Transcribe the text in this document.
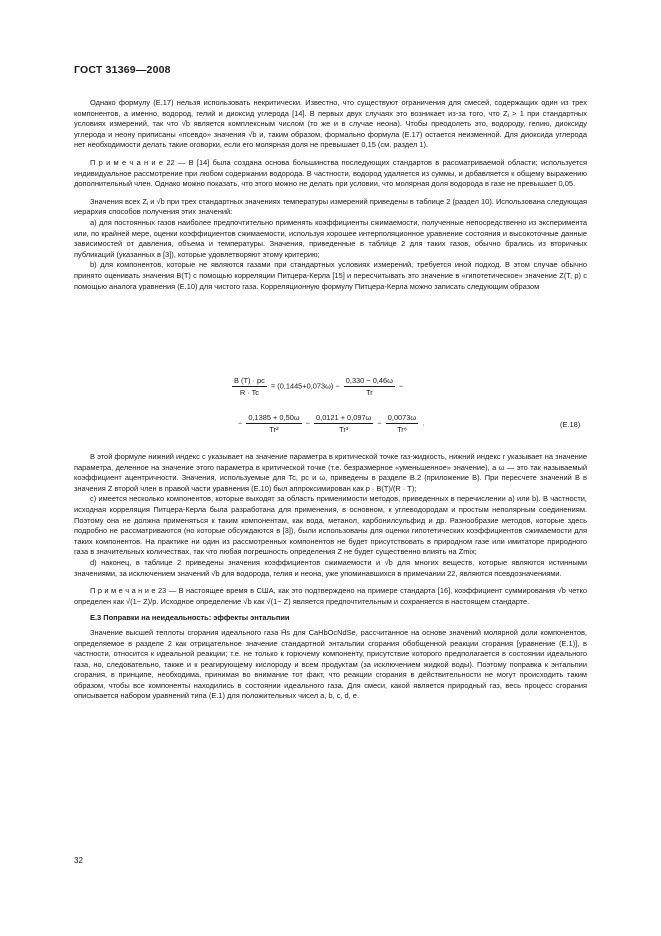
ГОСТ 31369—2008

Однако формулу (Е.17) нельзя использовать некритически. Известно, что существуют ограничения для смесей, содержащих один из трех компонентов, а именно, водород, гелий и диоксид углерода [14]. В первых двух случаях это возникает из-за того, что Zⱼ > 1 при стандартных условиях измерений, так что √b является комплексным числом (то же и в случае неона). Чтобы преодолеть это, водороду, гелию, диоксиду углерода и неону приписаны «псевдо» значения √b и, таким образом, формально формула (Е.17) остается неизменной. Для диоксида углерода нет необходимости делать такие оговорки, если его молярная доля не превышает 0,15 (см. раздел 1).

П р и м е ч а н и е 22 — В [14] была создана основа большинства последующих стандартов в рассматриваемой области; используется индивидуальное рассмотрение при любом содержании водорода. В частности, водород удаляется из суммы, и добавляется к общему выражению дополнительный член. Однако можно показать, что этого можно не делать при условии, что молярная доля водорода в газе не превышает 0,05.

Значения всех Zⱼ и √b при трех стандартных значениях температуры измерений приведены в таблице 2 (раздел 10). Использована следующая иерархия способов получения этих значений:

а) для постоянных газов наиболее предпочтительно применять коэффициенты сжимаемости, полученные непосредственно из эксперимента или, по крайней мере, оценки коэффициентов сжимаемости, используя хорошее интерполяционное уравнение состояния и высокоточные данные зависимостей от давления, объема и температуры. Значения, приведенные в таблице 2 для таких газов, обычно брались из вторичных публикаций (указанных в [3]), которые удовлетворяют этому критерию;

b) для компонентов, которые не являются газами при стандартных условиях измерений, требуется иной подход. В этом случае обычно принято оценивать значения B(T) с помощью корреляции Питцера-Керла [15] и пересчитывать это значение в «гипотетическое» значение Z(T, p) с помощью аналога уравнения (Е.10) для чистого газа. Корреляционную формулу Питцера-Керла можно записать следующим образом

$\frac{B (T) \cdot pc}{R \cdot Tc} = (0,1445+0,073\omega) - \frac{0,330 - 0,46\omega}{Tr}$ −
− $\frac{0,1385 + 0,50\omega}{\text{Tr²}} - \frac{0,0121 + 0,097\omega}{\text{Tr³}} - \frac{0,0073\omega}{\text{Tr⁸}}$ .	(Е.18)

В этой формуле нижний индекс c указывает на значение параметра в критической точке газ-жидкость, нижний индекс r указывает на значение параметра, деленное на значение этого параметра в критической точке (т.е. безразмерное «уменьшенное» значение), а ω — это так называемый коэффициент ацентричности. Значения, используемые для Tc, pc и ω, приведены в разделе В.2 (приложение В). При пересчете значений B в значения Z второй член в правой части уравнения (Е.10) был аппроксимирован как p · B(T)/(R · T);

с) имеется несколько компонентов, которые выходят за область применимости методов, приведенных в перечислении а) или b). В частности, исходная корреляция Питцера-Керла была разработана для применения, в основном, к углеводородам и простым неполярным соединениям. Поэтому она не должна применяться к таким компонентам, как вода, метанол, карбонилсульфид и др. Разнообразие методов, которые здесь подробно не рассматриваются (но которые обсуждаются в [3]), были использованы для оценки гипотетических коэффициентов сжимаемости для таких компонентов. На практике ни один из рассмотренных компонентов не будет присутствовать в природном газе или имитаторе природного газа в значительных количествах, так что любая погрешность определения Z не будет существенно влиять на Zmix;

d) наконец, в таблице 2 приведены значения коэффициентов сжимаемости и √b для многих веществ, которые являются истинными значениями, за исключением значений √b для водорода, гелия и неона, уже упоминавшихся в примечании 22, являются псевдозначениями.

П р и м е ч а н и е 23 — В настоящее время в США, как это подтверждено на примере стандарта [16], коэффициент суммирования √b четко определен как √(1− Z)/p. Исходное определение √b как √(1− Z) является предпочтительным и сохраняется в настоящем стандарте.

Е.3 Поправки на неидеальность: эффекты энтальпии

Значение высшей теплоты сгорания идеального газа H̄s для CaHbOcNdSe, рассчитанное на основе значений молярной доли компонентов, определяемое в разделе 2 как отрицательное значение стандартной энтальпии сгорания обобщенной реакции сгорания [уравнение (Е.1)], в частности, относится к идеальной реакции; т.е. не только к горючему компоненту, присутствие которого предполагается в состоянии идеального газа, но, следовательно, также и к реагирующему кислороду и всем продуктам (за исключением жидкой воды). Поэтому поправка к энтальпии сгорания, в принципе, необходима, принимая во внимание тот факт, что реакции сгорания в действительности не могут происходить таким образом, чтобы все компоненты находились в состоянии идеального газа. Для смеси, какой является природный газ, весь процесс сгорания описывается набором уравнений типа (Е.1) для положительных чисел a, b, c, d, e.

32
